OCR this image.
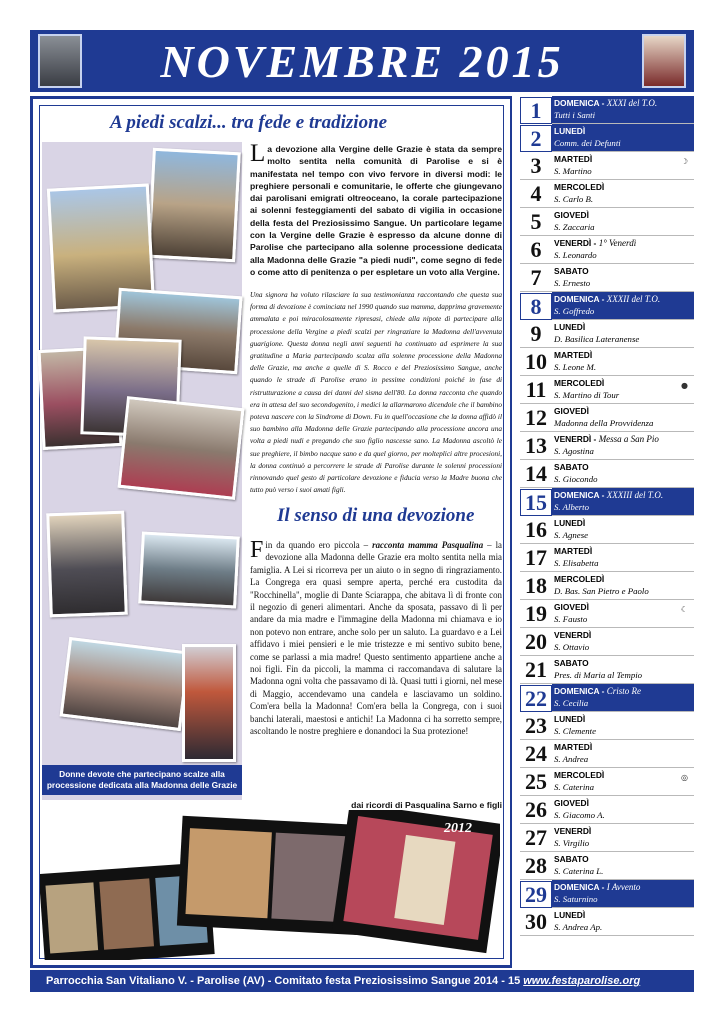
NOVEMBRE 2015
Donne devote che partecipano scalze alla processione dedicata alla Madonna delle Grazie
A piedi scalzi... tra fede e tradizione
La devozione alla Vergine delle Grazie è stata da sempre molto sentita nella comunità di Parolise e si è manifestata nel tempo con vivo fervore in diversi modi: le preghiere personali e comunitarie, le offerte che giungevano dai parolisani emigrati oltreoceano, la corale partecipazione ai solenni festeggiamenti del sabato di vigilia in occasione della festa del Preziosissimo Sangue. Un particolare legame con la Vergine delle Grazie è espresso da alcune donne di Parolise che partecipano alla solenne processione dedicata alla Madonna delle Grazie "a piedi nudi", come segno di fede o come atto di penitenza o per espletare un voto alla Vergine.
Una signora ha voluto rilasciare la sua testimonianza raccontando che questa sua forma di devozione è cominciata nel 1990 quando sua mamma, dapprima gravemente ammalata e poi miracolosamente ripresasi, chiede alla nipote di partecipare alla processione della Vergine a piedi scalzi per ringraziare la Madonna dell'avvenuta guarigione. Questa donna negli anni seguenti ha continuato ad esprimere la sua gratitudine a Maria partecipando scalza alla solenne processione della Madonna delle Grazie, ma anche a quelle di S. Rocco e del Preziosissimo Sangue, anche quando le strade di Parolise erano in pessime condizioni poiché in fase di ristrutturazione a causa dei danni del sisma dell'80. La donna racconta che quando era in attesa del suo secondogenito, i medici la allarmarono dicendole che il bambino poteva nascere con la Sindrome di Down. Fu in quell'occasione che la donna affidò il suo bambino alla Madonna delle Grazie partecipando alla processione ancora una volta a piedi nudi e pregando che suo figlio nascesse sano. La Madonna ascoltò le sue preghiere, il bimbo nacque sano e da quel giorno, per molteplici altre procesioni, la donna continuò a percorrere le strade di Parolise durante le solenni processioni rinnovando quel gesto di particolare devozione e fiducia verso la Madre buona che tutto può verso i suoi amati figli.
Il senso di una devozione
Fin da quando ero piccola – racconta mamma Pasqualina – la devozione alla Madonna delle Grazie era molto sentita nella mia famiglia. A Lei si ricorreva per un aiuto o in segno di ringraziamento. La Congrega era quasi sempre aperta, perché era custodita da "Rocchinella", moglie di Dante Sciarappa, che abitava lì di fronte con il negozio di generi alimentari. Anche da sposata, passavo di lì per andare da mia madre e l'immagine della Madonna mi chiamava e io non potevo non entrare, anche solo per un saluto. La guardavo e a Lei affidavo i miei pensieri e le mie tristezze e mi sentivo subito bene, come se parlassi a mia madre! Questo sentimento appartiene anche a noi figli. Fin da piccoli, la mamma ci raccomandava di salutare la Madonna ogni volta che passavamo di là. Quasi tutti i giorni, nel mese di Maggio, accendevamo una candela e lasciavamo un soldino. Com'era bella la Madonna! Com'era bella la Congrega, con i suoi banchi laterali, maestosi e antichi! La Madonna ci ha sorretto sempre, ascoltando le nostre preghiere e donandoci la Sua protezione!
dai ricordi di Pasqualina Sarno e figli
2012
1	DOMENICA - XXXI del T.O.
Tutti i Santi
2	LUNEDÌ
Comm. dei Defunti
3	MARTEDÌ
S. Martino
☽
4	MERCOLEDÌ
S. Carlo B.
5	GIOVEDÌ
S. Zaccaria
6	VENERDÌ - 1° Venerdì
S. Leonardo
7	SABATO
S. Ernesto
8	DOMENICA - XXXII del T.O.
S. Goffredo
9	LUNEDÌ
D. Basilica Lateranense
10 MARTEDÌ
S. Leone M.
11 MERCOLEDÌ
S. Martino di Tour
●
12 GIOVEDÌ
Madonna della Provvidenza
13 VENERDÌ - Messa a San Pio
S. Agostina
14 SABATO
S. Giocondo
15 DOMENICA - XXXIII del T.O.
S. Alberto
16 LUNEDÌ
S. Agnese
17 MARTEDÌ
S. Elisabetta
18 MERCOLEDÌ
D. Bas. San Pietro e Paolo
19 GIOVEDÌ
S. Fausto
☾
20 VENERDÌ
S. Ottavio
21 SABATO
Pres. di Maria al Tempio
22 DOMENICA - Cristo Re
S. Cecilia
23 LUNEDÌ
S. Clemente
24 MARTEDÌ
S. Andrea
25 MERCOLEDÌ
S. Caterina
◎
26 GIOVEDÌ
S. Giacomo A.
27 VENERDÌ
S. Virgilio
28 SABATO
S. Caterina L.
29 DOMENICA - I Avvento
S. Saturnino
30 LUNEDÌ
S. Andrea Ap.
Parrocchia San Vitaliano V. - Parolise (AV) - Comitato festa Preziosissimo Sangue 2014 - 15 www.festaparolise.org
